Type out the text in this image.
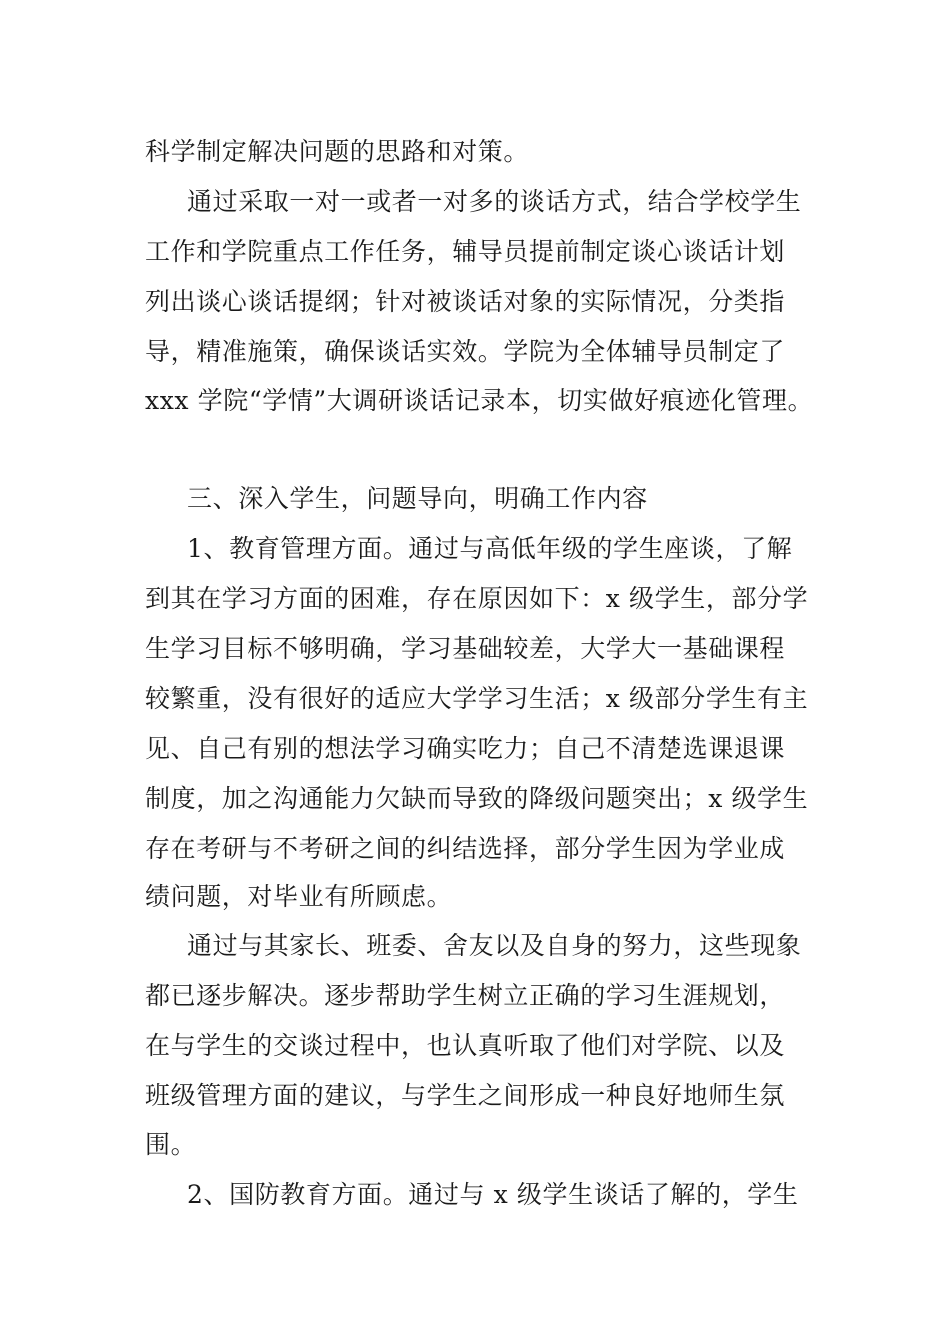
科学制定解决问题的思路和对策。
通过采取一对一或者一对多的谈话方式，结合学校学生
工作和学院重点工作任务，辅导员提前制定谈心谈话计划
列出谈心谈话提纲；针对被谈话对象的实际情况，分类指
导，精准施策，确保谈话实效。学院为全体辅导员制定了
xxx 学院“学情”大调研谈话记录本，切实做好痕迹化管理。
三、深入学生，问题导向，明确工作内容
1、教育管理方面。通过与高低年级的学生座谈，了解
到其在学习方面的困难，存在原因如下：x 级学生，部分学
生学习目标不够明确，学习基础较差，大学大一基础课程
较繁重，没有很好的适应大学学习生活；x 级部分学生有主
见、自己有别的想法学习确实吃力；自己不清楚选课退课
制度，加之沟通能力欠缺而导致的降级问题突出；x 级学生
存在考研与不考研之间的纠结选择，部分学生因为学业成
绩问题，对毕业有所顾虑。
通过与其家长、班委、舍友以及自身的努力，这些现象
都已逐步解决。逐步帮助学生树立正确的学习生涯规划，
在与学生的交谈过程中，也认真听取了他们对学院、以及
班级管理方面的建议，与学生之间形成一种良好地师生氛
围。
2、国防教育方面。通过与 x 级学生谈话了解的，学生
